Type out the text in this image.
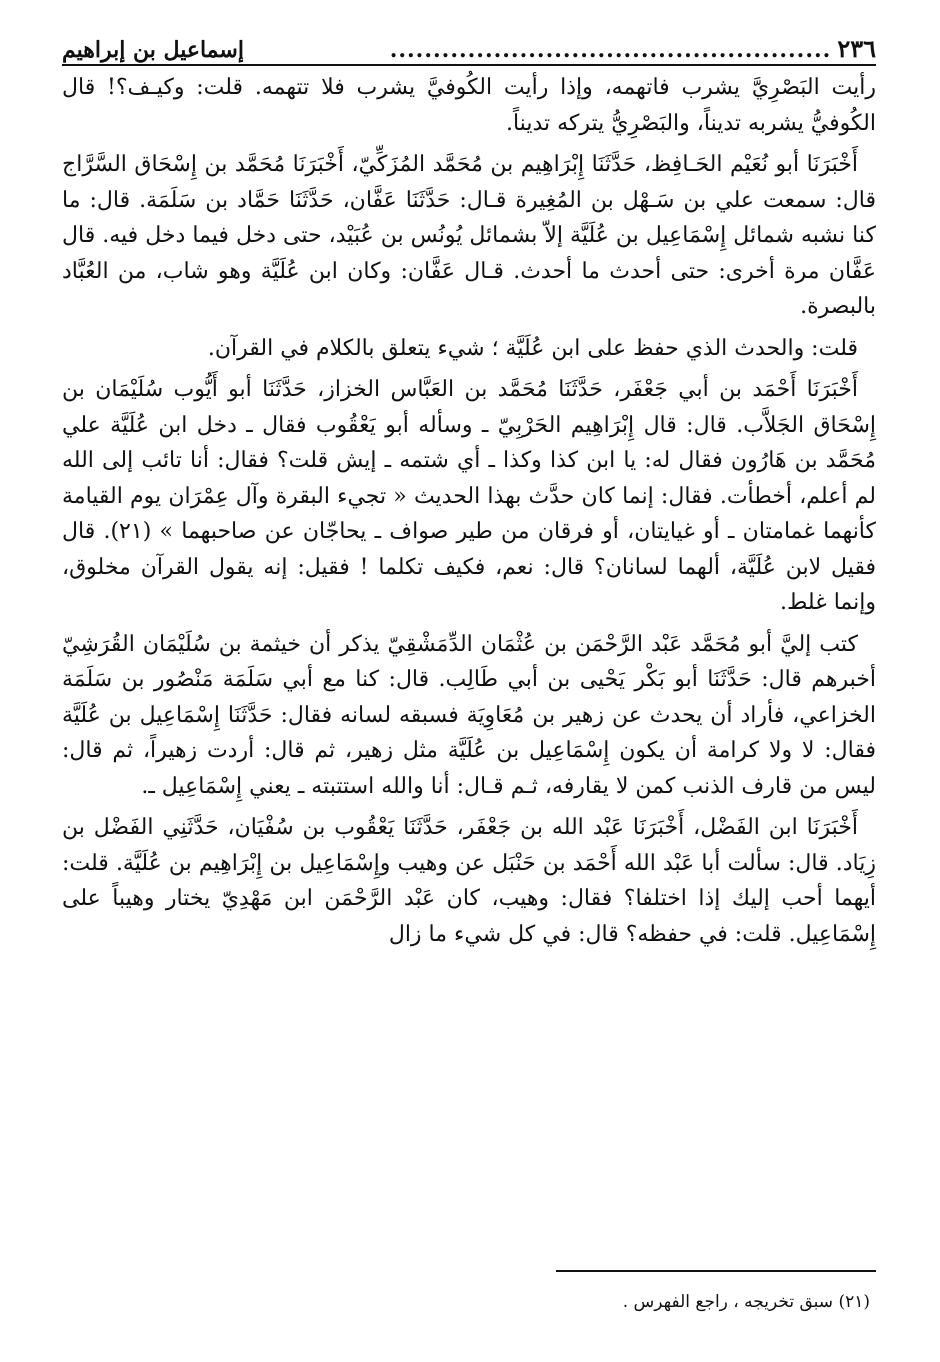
٢٣٦
...................................................
إسماعيل بن إبراهيم

رأيت البَصْرِيَّ يشرب فاتهمه، وإذا رأيت الكُوفيَّ يشرب فلا تتهمه. قلت: وكيـف؟! قال الكُوفيُّ يشربه تديناً، والبَصْرِيُّ يتركه تديناً.

أَخْبَرَنَا أبو نُعَيْم الحَـافِظ، حَدَّثَنَا إِبْرَاهِيم بن مُحَمَّد المُزَكِّيّ، أَخْبَرَنَا مُحَمَّد بن إِسْحَاق السَّرَّاج قال: سمعت علي بن سَـهْل بن المُغِيرة قـال: حَدَّثَنَا عَفَّان، حَدَّثَنَا حَمَّاد بن سَلَمَة. قال: ما كنا نشبه شمائل إِسْمَاعِيل بن عُلَيَّة إلاّ بشمائل يُونُس بن عُبَيْد، حتى دخل فيما دخل فيه. قال عَفَّان مرة أخرى: حتى أحدث ما أحدث. قـال عَفَّان: وكان ابن عُلَيَّة وهو شاب، من العُبَّاد بالبصرة.

قلت: والحدث الذي حفظ على ابن عُلَيَّة ؛ شيء يتعلق بالكلام في القرآن.

أَخْبَرَنَا أَحْمَد بن أبي جَعْفَر، حَدَّثَنَا مُحَمَّد بن العَبَّاس الخزاز، حَدَّثَنَا أبو أَيُّوب سُلَيْمَان بن إِسْحَاق الجَلاَّب. قال: قال إِبْرَاهِيم الحَرْبِيّ ـ وسأله أبو يَعْقُوب فقال ـ دخل ابن عُلَيَّة علي مُحَمَّد بن هَارُون فقال له: يا ابن كذا وكذا ـ أي شتمه ـ إيش قلت؟ فقال: أنا تائب إلى الله لم أعلم، أخطأت. فقال: إنما كان حدَّث بهذا الحديث « تجيء البقرة وآل عِمْرَان يوم القيامة كأنهما غمامتان ـ أو غيايتان، أو فرقان من طير صواف ـ يحاجّان عن صاحبهما » (٢١). قال فقيل لابن عُلَيَّة، ألهما لسانان؟ قال: نعم، فكيف تكلما ! فقيل: إنه يقول القرآن مخلوق، وإنما غلط.

كتب إليَّ أبو مُحَمَّد عَبْد الرَّحْمَن بن عُثْمَان الدِّمَشْقِيّ يذكر أن خيثمة بن سُلَيْمَان القُرَشِيّ أخبرهم قال: حَدَّثَنَا أبو بَكْر يَحْيى بن أبي طَالِب. قال: كنا مع أبي سَلَمَة مَنْصُور بن سَلَمَة الخزاعي، فأراد أن يحدث عن زهير بن مُعَاوِيَة فسبقه لسانه فقال: حَدَّثَنَا إِسْمَاعِيل بن عُلَيَّة فقال: لا ولا كرامة أن يكون إِسْمَاعِيل بن عُلَيَّة مثل زهير، ثم قال: أردت زهيراً، ثم قال: ليس من قارف الذنب كمن لا يقارفه، ثـم قـال: أنا والله استتبته ـ يعني إِسْمَاعِيل ـ.

أَخْبَرَنَا ابن الفَضْل، أَخْبَرَنَا عَبْد الله بن جَعْفَر، حَدَّثَنَا يَعْقُوب بن سُفْيَان، حَدَّثَنِي الفَضْل بن زِيَاد. قال: سألت أبا عَبْد الله أَحْمَد بن حَنْبَل عن وهيب وإِسْمَاعِيل بن إِبْرَاهِيم بن عُلَيَّة. قلت: أيهما أحب إليك إذا اختلفا؟ فقال: وهيب، كان عَبْد الرَّحْمَن ابن مَهْدِيّ يختار وهيباً على إِسْمَاعِيل. قلت: في حفظه؟ قال: في كل شيء ما زال

(٢١) سبق تخريجه ، راجع الفهرس .
